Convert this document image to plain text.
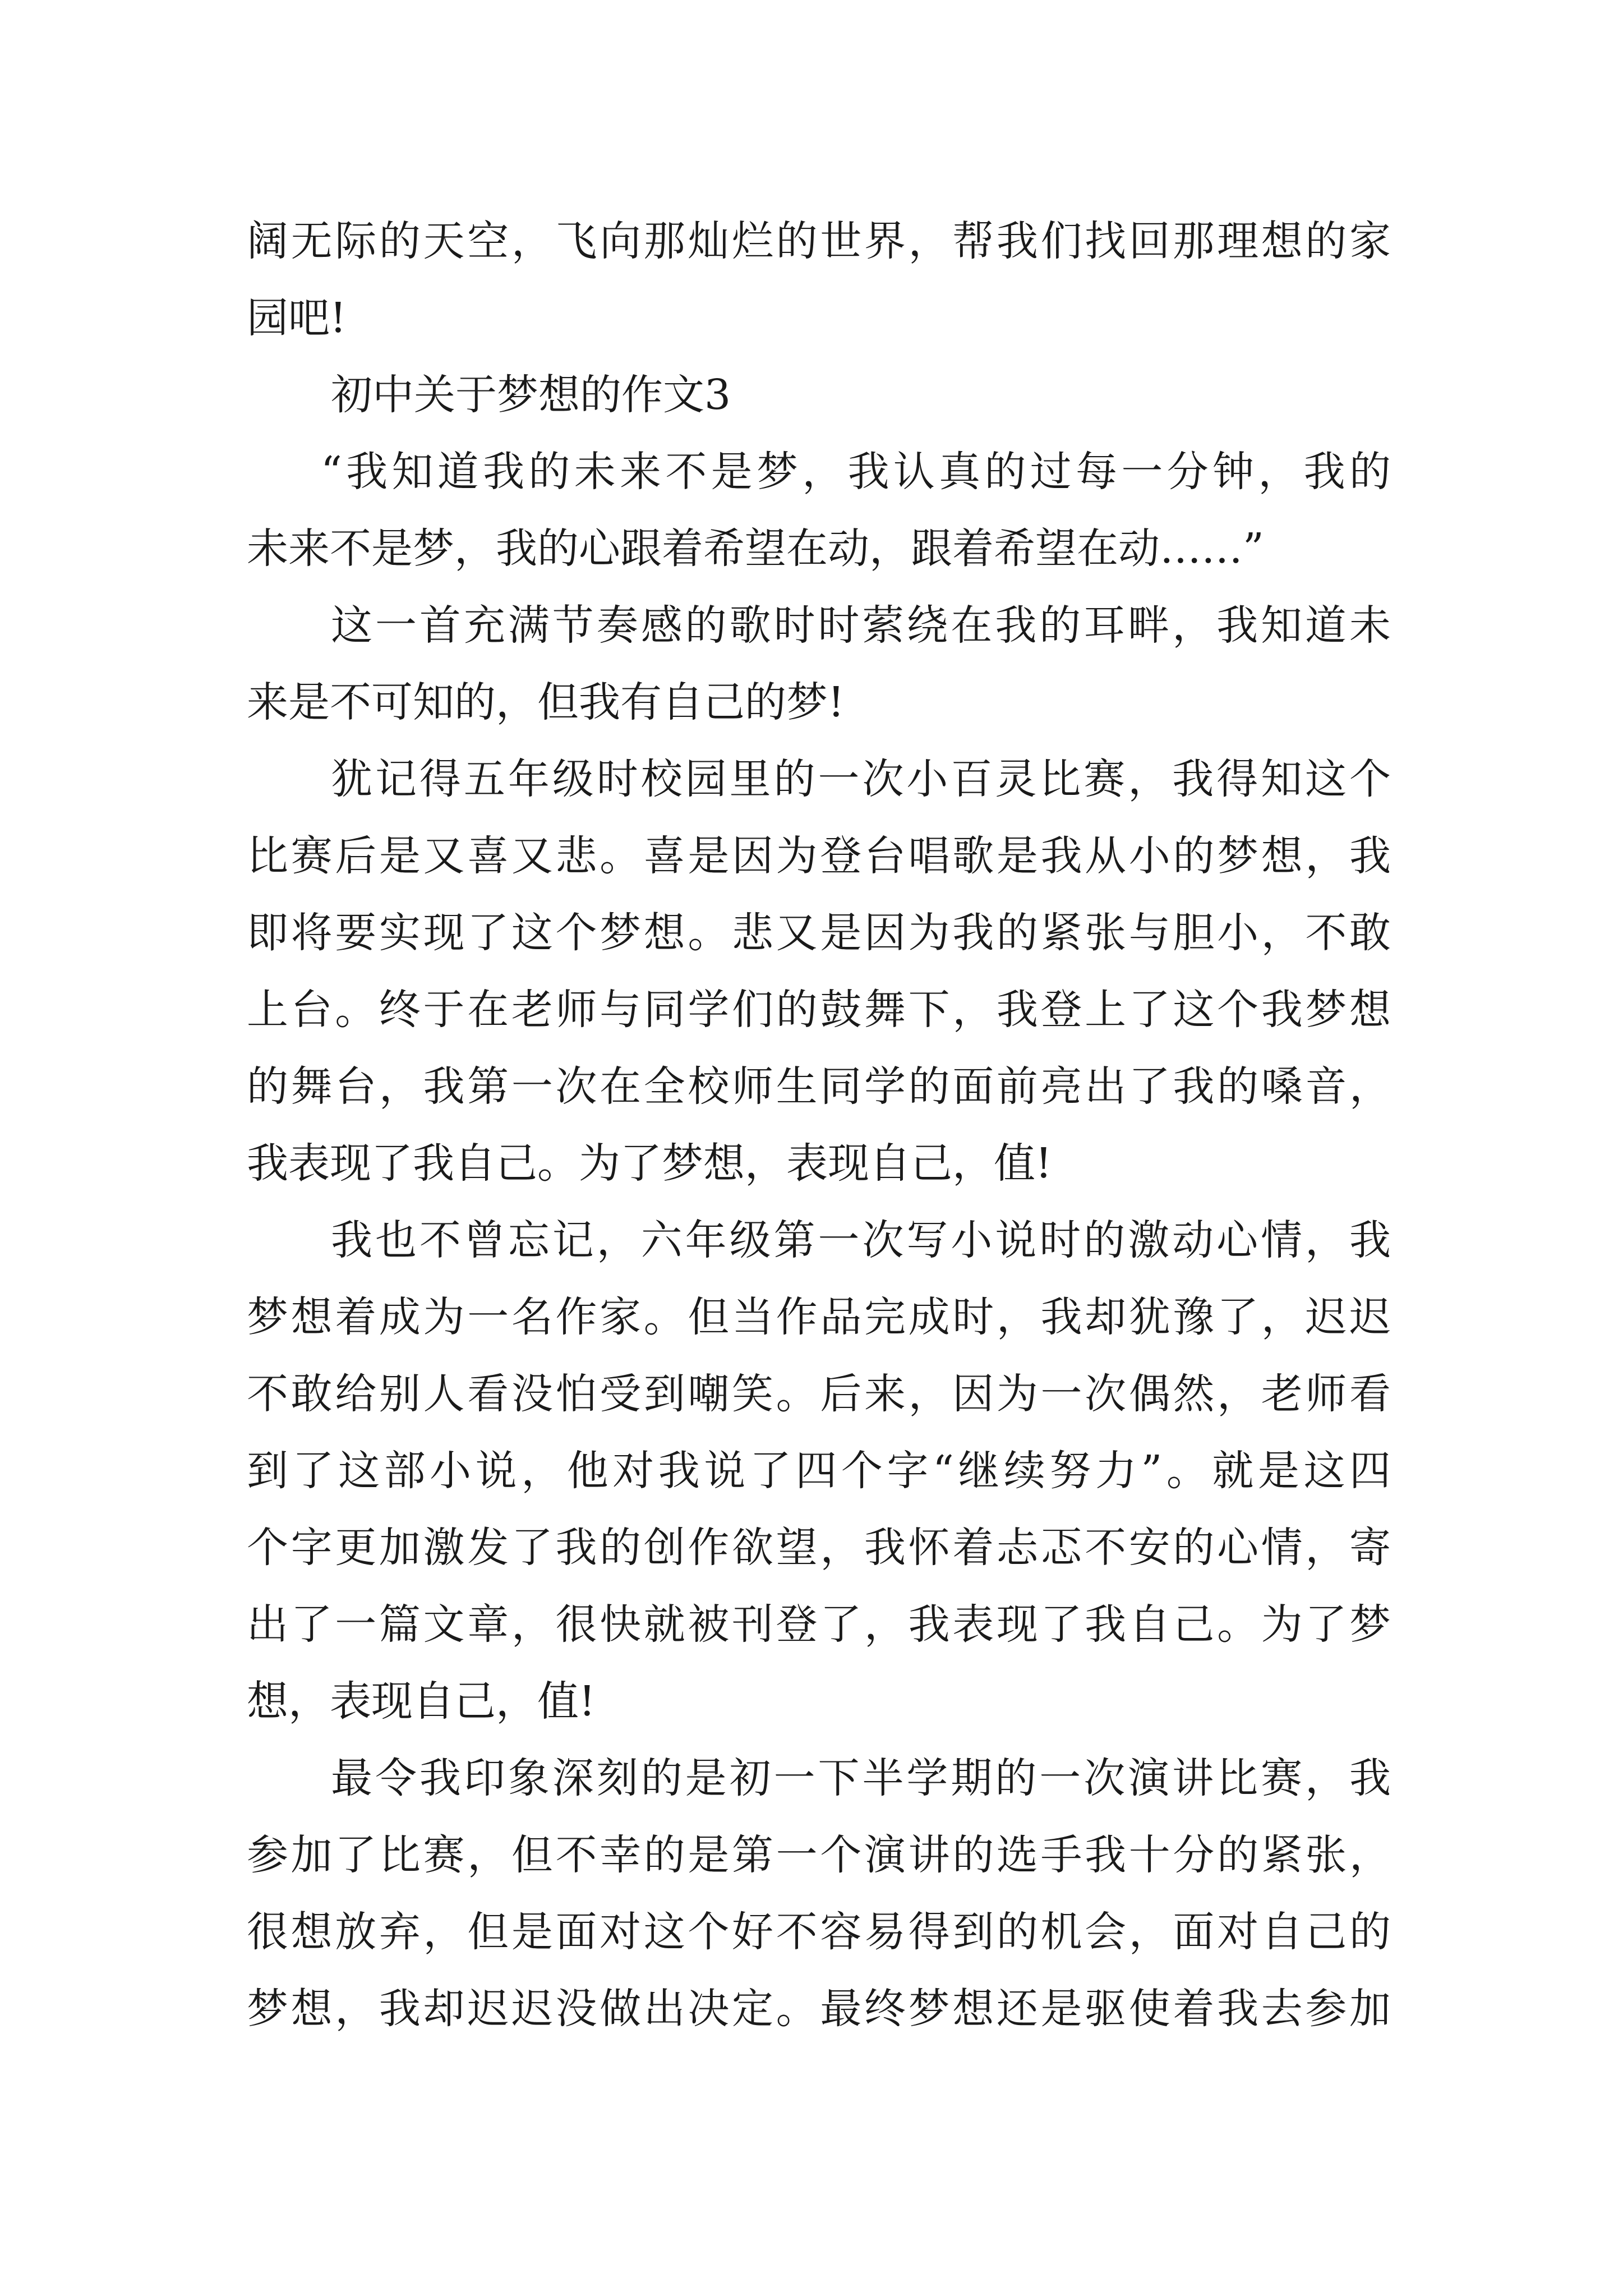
阔无际的天空，飞向那灿烂的世界，帮我们找回那理想的家
园吧!
初中关于梦想的作文3
“我知道我的未来不是梦，我认真的过每一分钟，我的
未来不是梦，我的心跟着希望在动，跟着希望在动……”
这一首充满节奏感的歌时时萦绕在我的耳畔，我知道未
来是不可知的，但我有自己的梦!
犹记得五年级时校园里的一次小百灵比赛，我得知这个
比赛后是又喜又悲。喜是因为登台唱歌是我从小的梦想，我
即将要实现了这个梦想。悲又是因为我的紧张与胆小，不敢
上台。终于在老师与同学们的鼓舞下，我登上了这个我梦想
的舞台，我第一次在全校师生同学的面前亮出了我的嗓音，
我表现了我自己。为了梦想，表现自己，值!
我也不曾忘记，六年级第一次写小说时的激动心情，我
梦想着成为一名作家。但当作品完成时，我却犹豫了，迟迟
不敢给别人看没怕受到嘲笑。后来，因为一次偶然，老师看
到了这部小说，他对我说了四个字“继续努力”。就是这四
个字更加激发了我的创作欲望，我怀着忐忑不安的心情，寄
出了一篇文章，很快就被刊登了，我表现了我自己。为了梦
想，表现自己，值!
最令我印象深刻的是初一下半学期的一次演讲比赛，我
参加了比赛，但不幸的是第一个演讲的选手我十分的紧张，
很想放弃，但是面对这个好不容易得到的机会，面对自己的
梦想，我却迟迟没做出决定。最终梦想还是驱使着我去参加
